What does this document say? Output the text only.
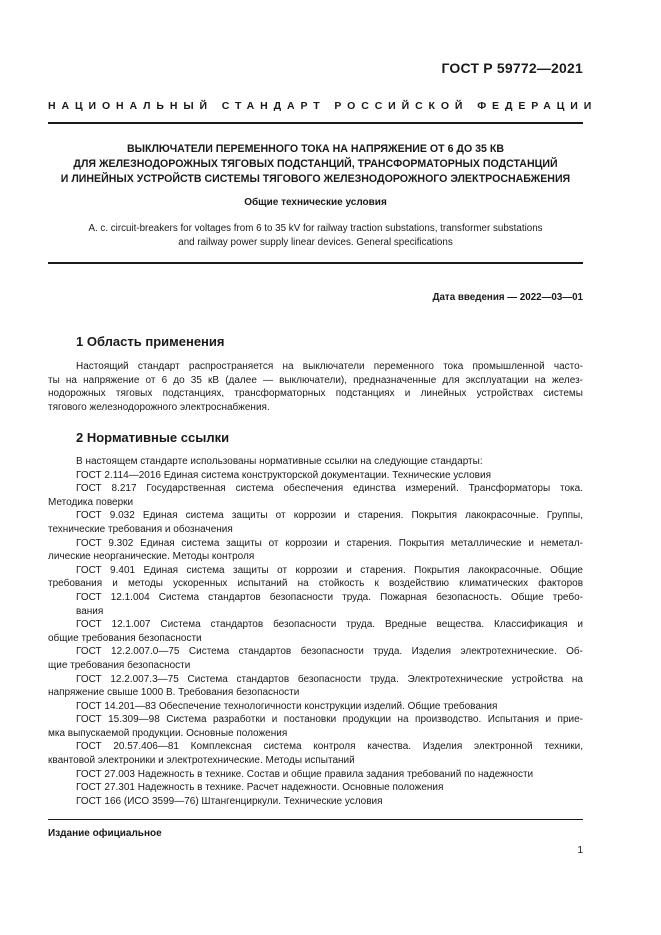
ГОСТ Р 59772—2021
НАЦИОНАЛЬНЫЙ СТАНДАРТ РОССИЙСКОЙ ФЕДЕРАЦИИ
ВЫКЛЮЧАТЕЛИ ПЕРЕМЕННОГО ТОКА НА НАПРЯЖЕНИЕ ОТ 6 ДО 35 КВ
ДЛЯ ЖЕЛЕЗНОДОРОЖНЫХ ТЯГОВЫХ ПОДСТАНЦИЙ, ТРАНСФОРМАТОРНЫХ ПОДСТАНЦИЙ
И ЛИНЕЙНЫХ УСТРОЙСТВ СИСТЕМЫ ТЯГОВОГО ЖЕЛЕЗНОДОРОЖНОГО ЭЛЕКТРОСНАБЖЕНИЯ
Общие технические условия
A. c. circuit-breakers for voltages from 6 to 35 kV for railway traction substations, transformer substations
and railway power supply linear devices. General specifications
Дата введения — 2022—03—01
1 Область применения
Настоящий стандарт распространяется на выключатели переменного тока промышленной часто-
ты на напряжение от 6 до 35 кВ (далее — выключатели), предназначенные для эксплуатации на желез-
нодорожных тяговых подстанциях, трансформаторных подстанциях и линейных устройствах системы
тягового железнодорожного электроснабжения.
2 Нормативные ссылки
В настоящем стандарте использованы нормативные ссылки на следующие стандарты:
ГОСТ 2.114—2016 Единая система конструкторской документации. Технические условия
ГОСТ 8.217 Государственная система обеспечения единства измерений. Трансформаторы тока.
Методика поверки
ГОСТ 9.032 Единая система защиты от коррозии и старения. Покрытия лакокрасочные. Группы,
технические требования и обозначения
ГОСТ 9.302 Единая система защиты от коррозии и старения. Покрытия металлические и неметал-
лические неорганические. Методы контроля
ГОСТ 9.401 Единая система защиты от коррозии и старения. Покрытия лакокрасочные. Общие
требования и методы ускоренных испытаний на стойкость к воздействию климатических факторов
ГОСТ 12.1.004 Система стандартов безопасности труда. Пожарная безопасность. Общие требо-
вания
ГОСТ 12.1.007 Система стандартов безопасности труда. Вредные вещества. Классификация и
общие требования безопасности
ГОСТ 12.2.007.0—75 Система стандартов безопасности труда. Изделия электротехнические. Об-
щие требования безопасности
ГОСТ 12.2.007.3—75 Система стандартов безопасности труда. Электротехнические устройства на
напряжение свыше 1000 В. Требования безопасности
ГОСТ 14.201—83 Обеспечение технологичности конструкции изделий. Общие требования
ГОСТ 15.309—98 Система разработки и постановки продукции на производство. Испытания и прие-
мка выпускаемой продукции. Основные положения
ГОСТ 20.57.406—81 Комплексная система контроля качества. Изделия электронной техники,
квантовой электроники и электротехнические. Методы испытаний
ГОСТ 27.003 Надежность в технике. Состав и общие правила задания требований по надежности
ГОСТ 27.301 Надежность в технике. Расчет надежности. Основные положения
ГОСТ 166 (ИСО 3599—76) Штангенциркули. Технические условия
Издание официальное
1
